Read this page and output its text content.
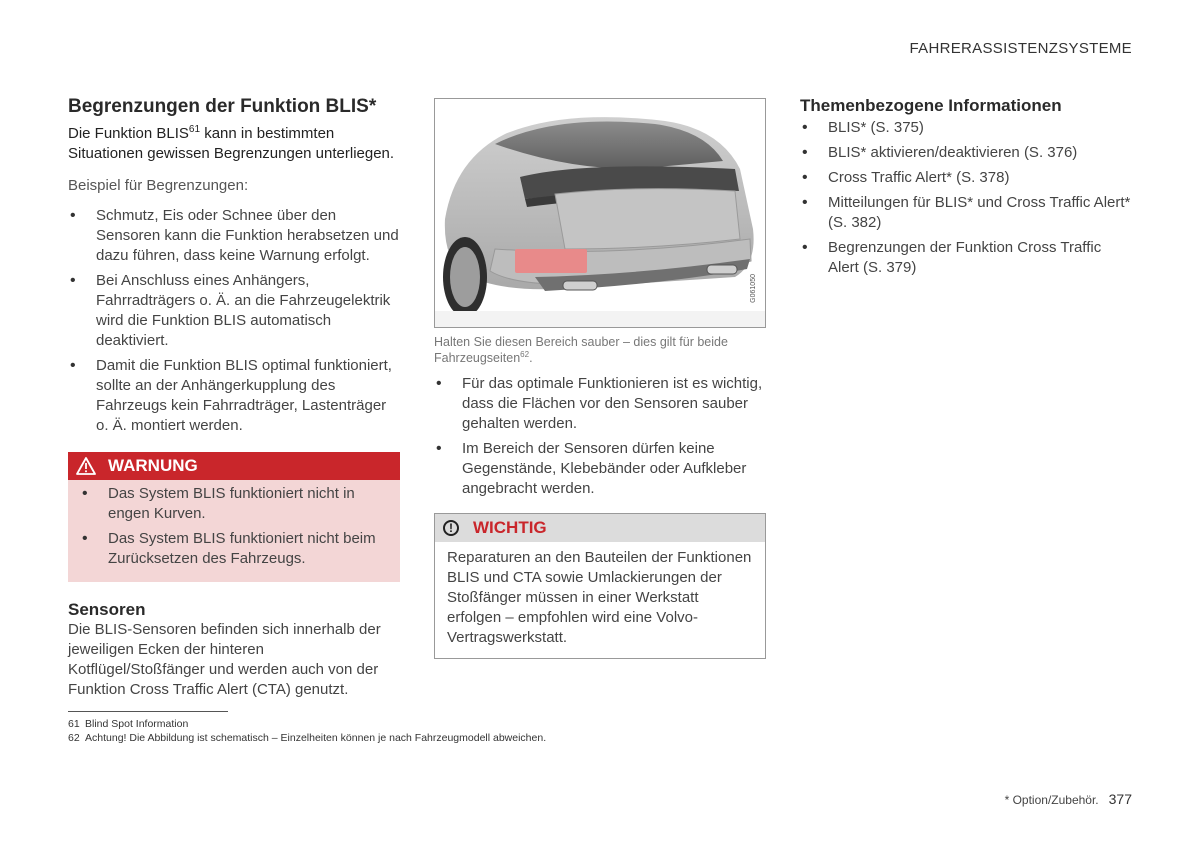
FAHRERASSISTENZSYSTEME
Begrenzungen der Funktion BLIS*

Die Funktion BLIS$^{61}$ kann in bestimmten Situationen gewissen Begrenzungen unterliegen.

Beispiel für Begrenzungen:

• Schmutz, Eis oder Schnee über den Sensoren kann die Funktion herabsetzen und dazu führen, dass keine Warnung erfolgt.
• Bei Anschluss eines Anhängers, Fahrradträgers o. Ä. an die Fahrzeugelektrik wird die Funktion BLIS automatisch deaktiviert.
• Damit die Funktion BLIS optimal funktioniert, sollte an der Anhängerkupplung des Fahrzeugs kein Fahrradträger, Lastenträger o. Ä. montiert werden.
WARNUNG
• Das System BLIS funktioniert nicht in engen Kurven.
• Das System BLIS funktioniert nicht beim Zurücksetzen des Fahrzeugs.
Sensoren

Die BLIS-Sensoren befinden sich innerhalb der jeweiligen Ecken der hinteren Kotflügel/Stoßfänger und werden auch von der Funktion Cross Traffic Alert (CTA) genutzt.

G061050
Halten Sie diesen Bereich sauber – dies gilt für beide Fahrzeugseiten$^{62}$.
• Für das optimale Funktionieren ist es wichtig, dass die Flächen vor den Sensoren sauber gehalten werden.
• Im Bereich der Sensoren dürfen keine Gegenstände, Klebebänder oder Aufkleber angebracht werden.
!	WICHTIG
Reparaturen an den Bauteilen der Funktionen BLIS und CTA sowie Umlackierungen der Stoßfänger müssen in einer Werkstatt erfolgen – empfohlen wird eine Volvo-Vertragswerkstatt.
Themenbezogene Informationen
• BLIS* (S. 375)
• BLIS* aktivieren/deaktivieren (S. 376)
• Cross Traffic Alert* (S. 378)
• Mitteilungen für BLIS* und Cross Traffic Alert* (S. 382)
• Begrenzungen der Funktion Cross Traffic Alert (S. 379)
61 Blind Spot Information
62 Achtung! Die Abbildung ist schematisch – Einzelheiten können je nach Fahrzeugmodell abweichen.
* Option/Zubehör. 377
